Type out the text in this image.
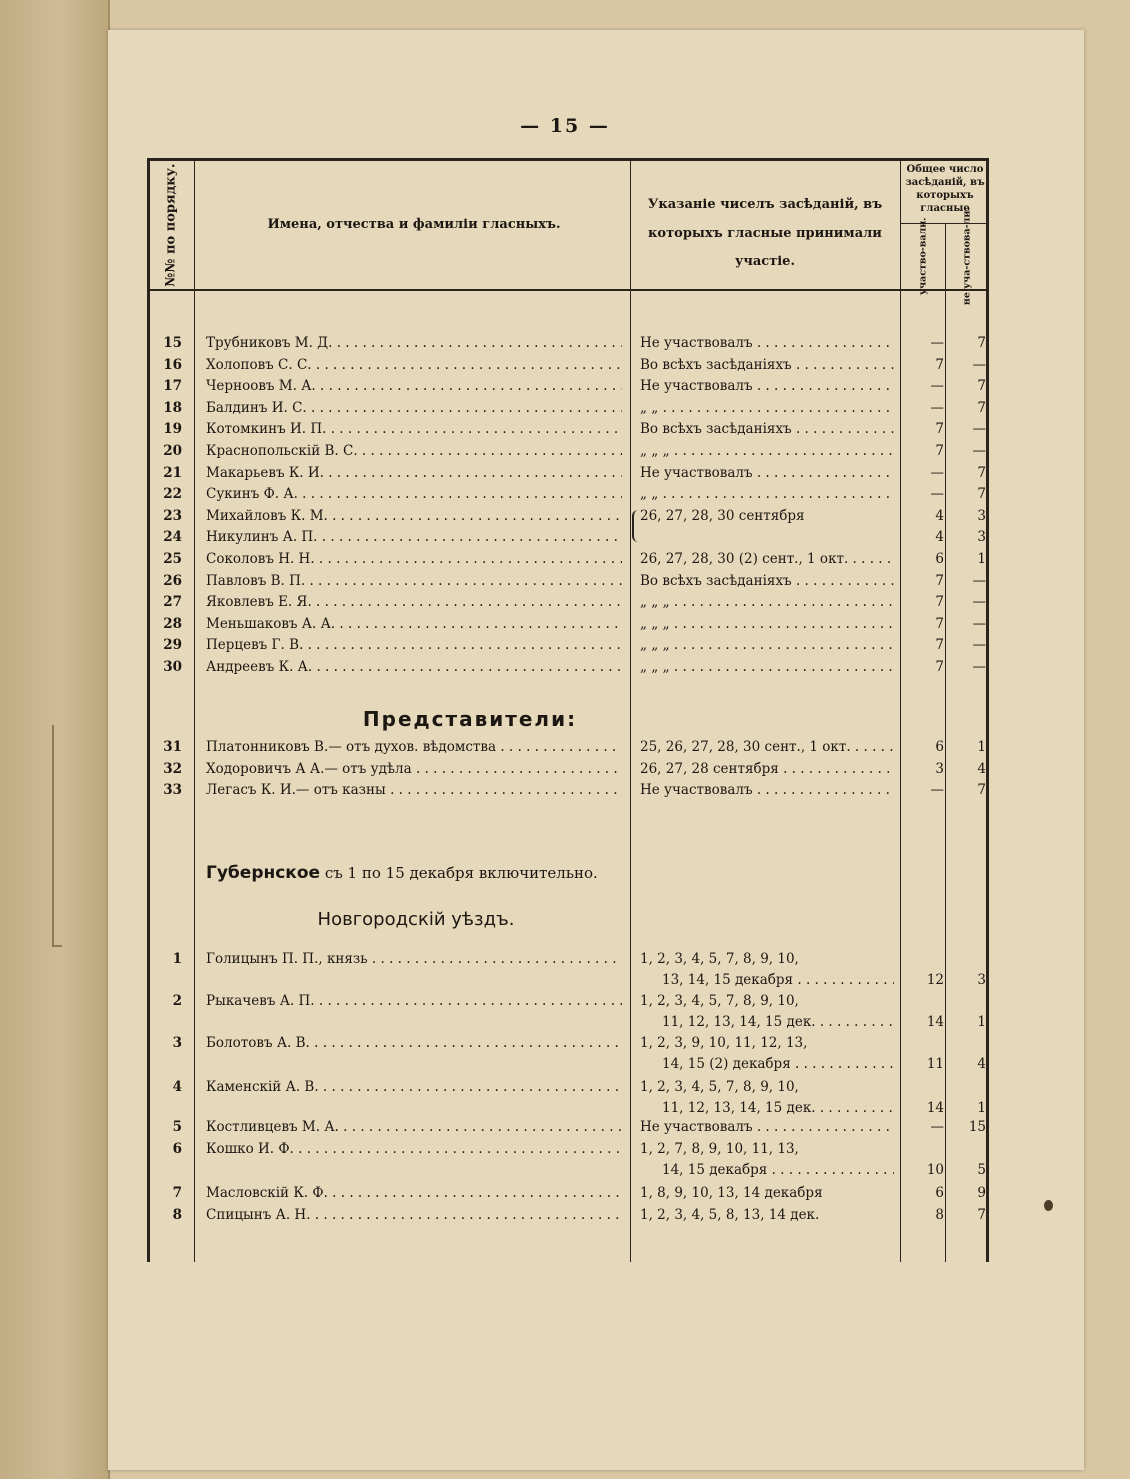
— 15 —
№№ по порядку.	Имена, отчества и фамиліи гласныхъ.
Указаніе чиселъ засѣданій, въ которыхъ гласные принимали участіе.
Общее число засѣданій, въ которыхъ гласные
участво-вали.	не уча-ствова-ли.
15 Трубниковъ М. Д. . . .	Не участвовалъ . . .	—	7
16 Холоповъ С. С. . . .	Во всѣхъ засѣданіяхъ . . .	7	—
17 Черноовъ М. А. . . .	Не участвовалъ . . .	—	7
18 Балдинъ И. С. . . .	„ „ . . .	—	7
19 Котомкинъ И. П. . . .	Во всѣхъ засѣданіяхъ . . .	7	—
20 Краснопольскій В. С. . . .	„ „ „ . . .	7	—
21 Макарьевъ К. И. . . .	Не участвовалъ . . .	—	7
22 Сукинъ Ф. А. . . .	„ „ . . .	—	7
23 Михайловъ К. М. . . .	26, 27, 28, 30 сентября	4	3
24 Никулинъ А. П. . . .	4	3
25 Соколовъ Н. Н. . . .	26, 27, 28, 30 (2) сент., 1 окт. . . .	6	1
26 Павловъ В. П. . . .	Во всѣхъ засѣданіяхъ . . .	7	—
27 Яковлевъ Е. Я. . . .	„ „ „ . . .	7	—
28 Меньшаковъ А. А. . . .	„ „ „ . . .	7	—
29 Перцевъ Г. В. . . .	„ „ „ . . .	7	—
30 Андреевъ К. А. . . .	„ „ „ . . .	7	—
Представители:
31 Платонниковъ В.— отъ духов. вѣдомства . . .	25, 26, 27, 28, 30 сент., 1 окт. . . .	6	1
32 Ходоровичъ А А.— отъ удѣла . . .	26, 27, 28 сентября . . .	3	4
33 Легасъ К. И.— отъ казны . . .	Не участвовалъ . . .	—	7
Губернское съ 1 по 15 декабря включительно.
Новгородскій уѣздъ.
1 Голицынъ П. П., князь . . .	1, 2, 3, 4, 5, 7, 8, 9, 10,
13, 14, 15 декабря . . .	12	3
2 Рыкачевъ А. П. . . .	1, 2, 3, 4, 5, 7, 8, 9, 10,
11, 12, 13, 14, 15 дек. . . .	14	1
3 Болотовъ А. В. . . .	1, 2, 3, 9, 10, 11, 12, 13,
14, 15 (2) декабря . . .	11	4
4 Каменскій А. В. . . .	1, 2, 3, 4, 5, 7, 8, 9, 10,
11, 12, 13, 14, 15 дек. . . .	14	1
5 Костливцевъ М. А. . . .	Не участвовалъ . . .	—	15
6 Кошко И. Ф. . . .	1, 2, 7, 8, 9, 10, 11, 13,
14, 15 декабря . . .	10	5
7 Масловскій К. Ф. . . .	1, 8, 9, 10, 13, 14 декабря	6	9
8 Спицынъ А. Н. . . .	1, 2, 3, 4, 5, 8, 13, 14 дек.	8	7
